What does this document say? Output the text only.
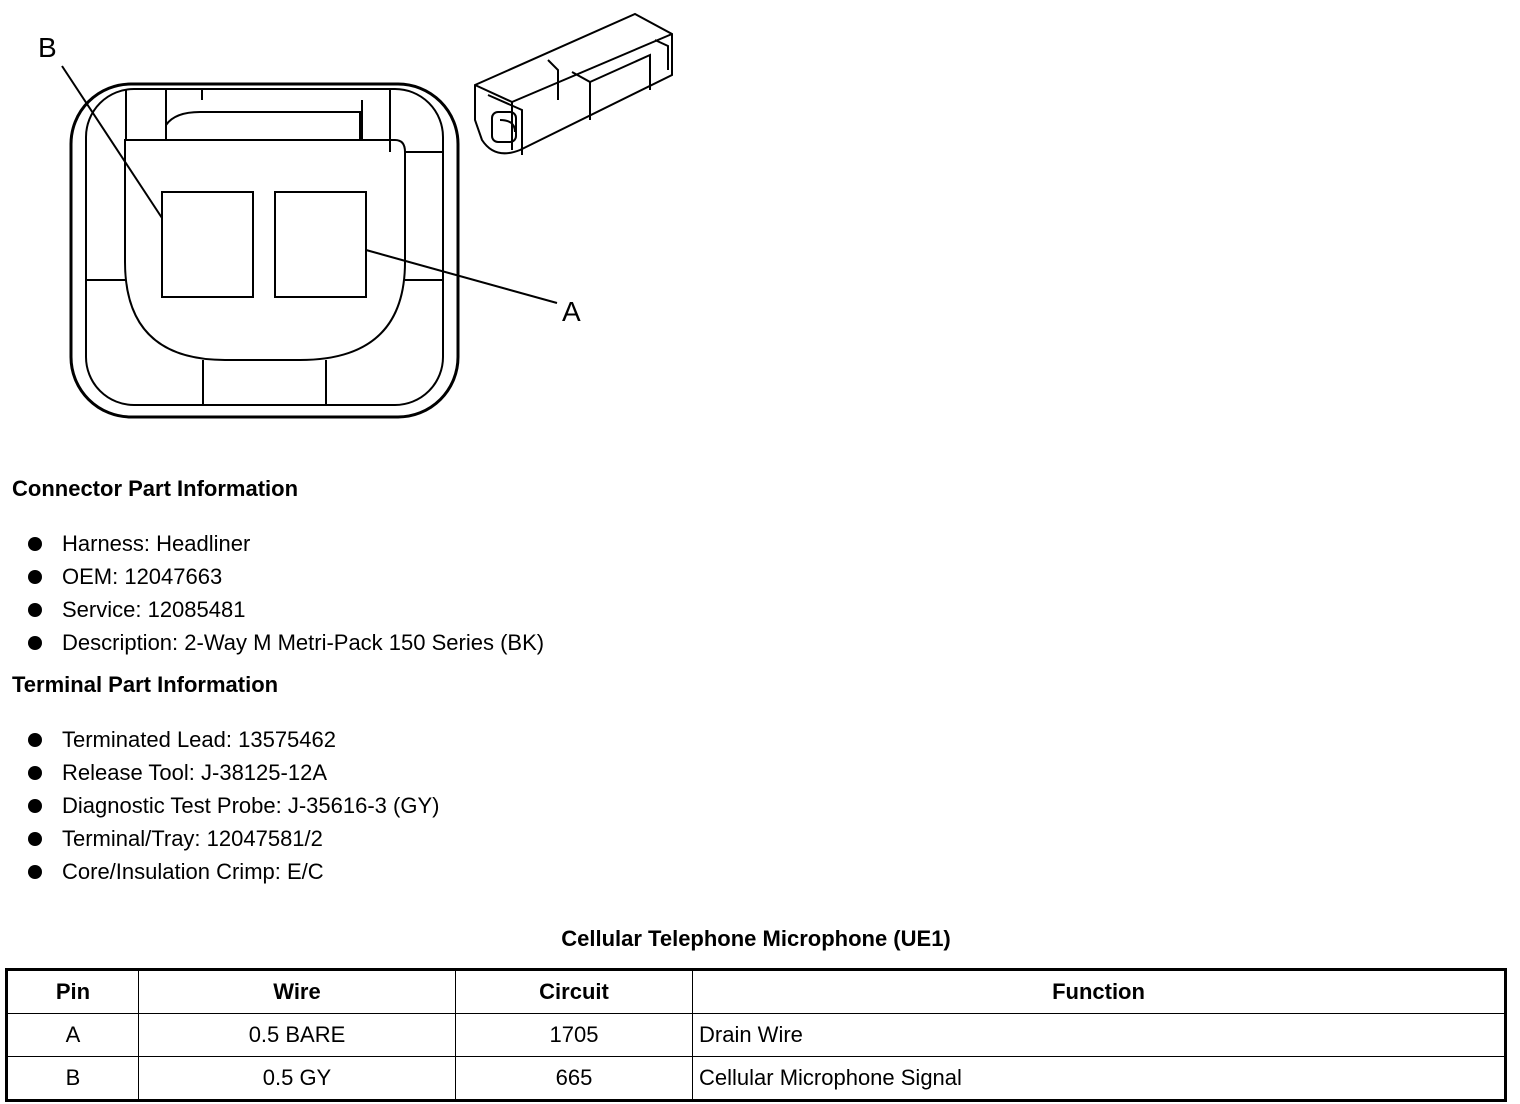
B
A
Connector Part Information
Harness: Headliner
OEM: 12047663
Service: 12085481
Description: 2-Way M Metri-Pack 150 Series (BK)
Terminal Part Information
Terminated Lead: 13575462
Release Tool: J-38125-12A
Diagnostic Test Probe: J-35616-3 (GY)
Terminal/Tray: 12047581/2
Core/Insulation Crimp: E/C
Cellular Telephone Microphone (UE1)
Pin	Wire	Circuit	Function
A	0.5 BARE	1705	Drain Wire
B	0.5 GY	665	Cellular Microphone Signal
